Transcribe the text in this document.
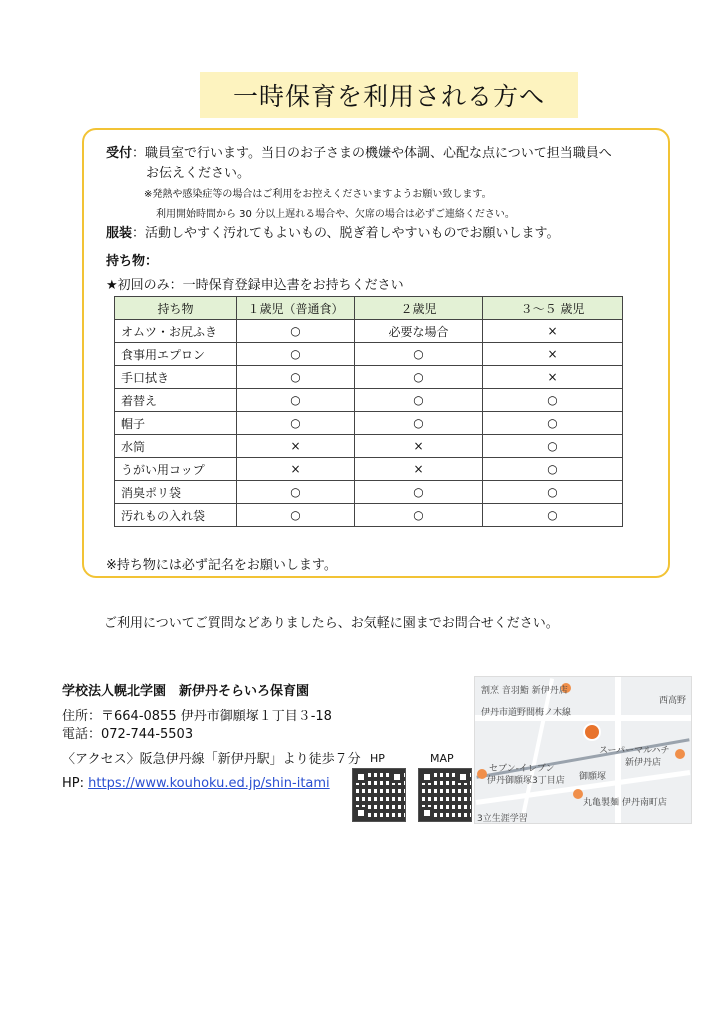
一時保育を利用される方へ
受付：職員室で行います。当日のお子さまの機嫌や体調、心配な点について担当職員へ
お伝えください。
※発熱や感染症等の場合はご利用をお控えくださいますようお願い致します。
利用開始時間から 30 分以上遅れる場合や、欠席の場合は必ずご連絡ください。
服装：活動しやすく汚れてもよいもの、脱ぎ着しやすいものでお願いします。
持ち物：
★初回のみ：一時保育登録申込書をお持ちください
持ち物	１歳児（普通食）	２歳児	３～５ 歳児
オムツ・お尻ふき	○	必要な場合	×
食事用エプロン	○	○	×
手口拭き	○	○	×
着替え	○	○	○
帽子	○	○	○
水筒	×	×	○
うがい用コップ	×	×	○
消臭ポリ袋	○	○	○
汚れもの入れ袋	○	○	○
※持ち物には必ず記名をお願いします。
ご利用についてご質問などありましたら、お気軽に園までお問合せください。
学校法人幌北学園　新伊丹そらいろ保育園
住所：〒664-0855 伊丹市御願塚１丁目３-18
電話：072-744-5503
〈アクセス〉阪急伊丹線「新伊丹駅」より徒歩７分
HP: https://www.kouhoku.ed.jp/shin-itami
HP	MAP
割烹 音羽鮨 新伊丹店
伊丹市道野間梅ノ木線
セブン-イレブン
伊丹御願塚3丁目店
スーパーマルハチ
新伊丹店
御願塚
丸亀製麺 伊丹南町店
西高野
3立生涯学習
